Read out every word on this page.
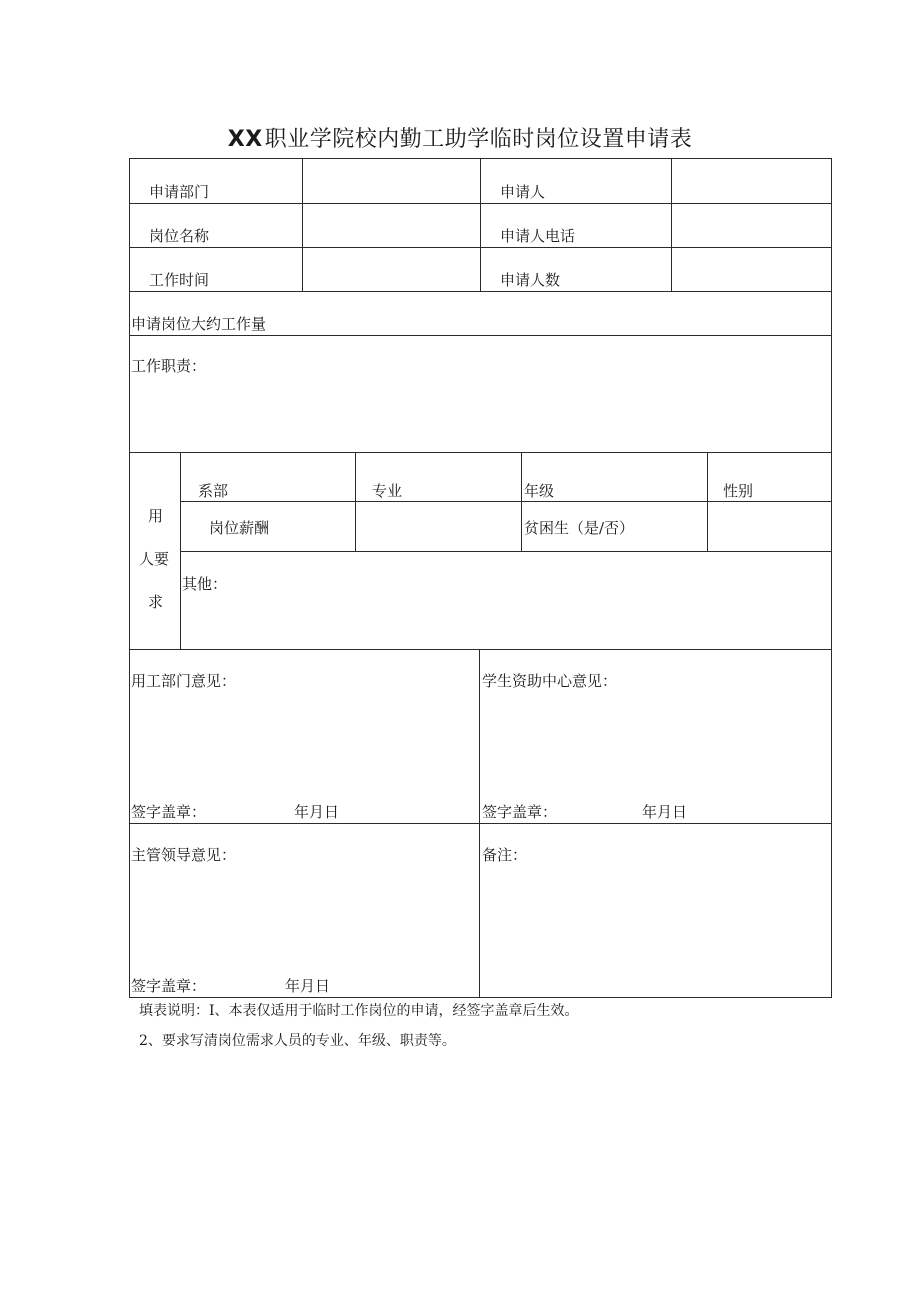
XX职业学院校内勤工助学临时岗位设置申请表
申请部门	申请人
岗位名称	申请人电话
工作时间	申请人数
申请岗位大约工作量
工作职责：
用
人要
求
系部	专业	年级	性别
岗位薪酬	贫困生（是/否）
其他：
用工部门意见：	学生资助中心意见：
签字盖章：	年月日	签字盖章：	年月日
主管领导意见：	备注：
签字盖章：	年月日
填表说明：I、本表仅适用于临时工作岗位的申请，经签字盖章后生效。
2、要求写清岗位需求人员的专业、年级、职责等。
